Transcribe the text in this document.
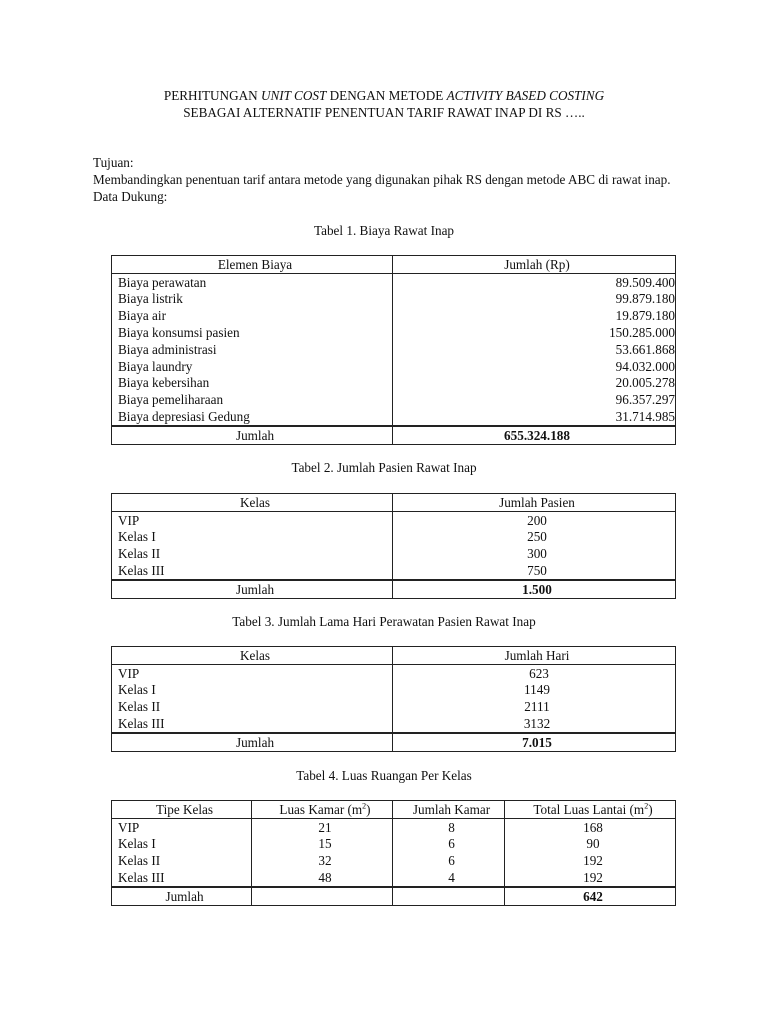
PERHITUNGAN UNIT COST DENGAN METODE ACTIVITY BASED COSTING
SEBAGAI ALTERNATIF PENENTUAN TARIF RAWAT INAP DI RS …..

Tujuan:

Membandingkan penentuan tarif antara metode yang digunakan pihak RS dengan metode ABC di rawat inap.

Data Dukung:

Tabel 1. Biaya Rawat Inap
Elemen Biaya	Jumlah (Rp)
Biaya perawatan	89.509.400
Biaya listrik	99.879.180
Biaya air	19.879.180
Biaya konsumsi pasien	150.285.000
Biaya administrasi	53.661.868
Biaya laundry	94.032.000
Biaya kebersihan	20.005.278
Biaya pemeliharaan	96.357.297
Biaya depresiasi Gedung	31.714.985
Jumlah	655.324.188
Tabel 2. Jumlah Pasien Rawat Inap
Kelas	Jumlah Pasien
VIP	200
Kelas I	250
Kelas II	300
Kelas III	750
Jumlah	1.500
Tabel 3. Jumlah Lama Hari Perawatan Pasien Rawat Inap
Kelas	Jumlah Hari
VIP	623
Kelas I	1149
Kelas II	2111
Kelas III	3132
Jumlah	7.015
Tabel 4. Luas Ruangan Per Kelas
Tipe Kelas	Luas Kamar $(m^2)$	Jumlah Kamar	Total Luas Lantai $(m^2)$
VIP	21	8	168
Kelas I	15	6	90
Kelas II	32	6	192
Kelas III	48	4	192
Jumlah			642
